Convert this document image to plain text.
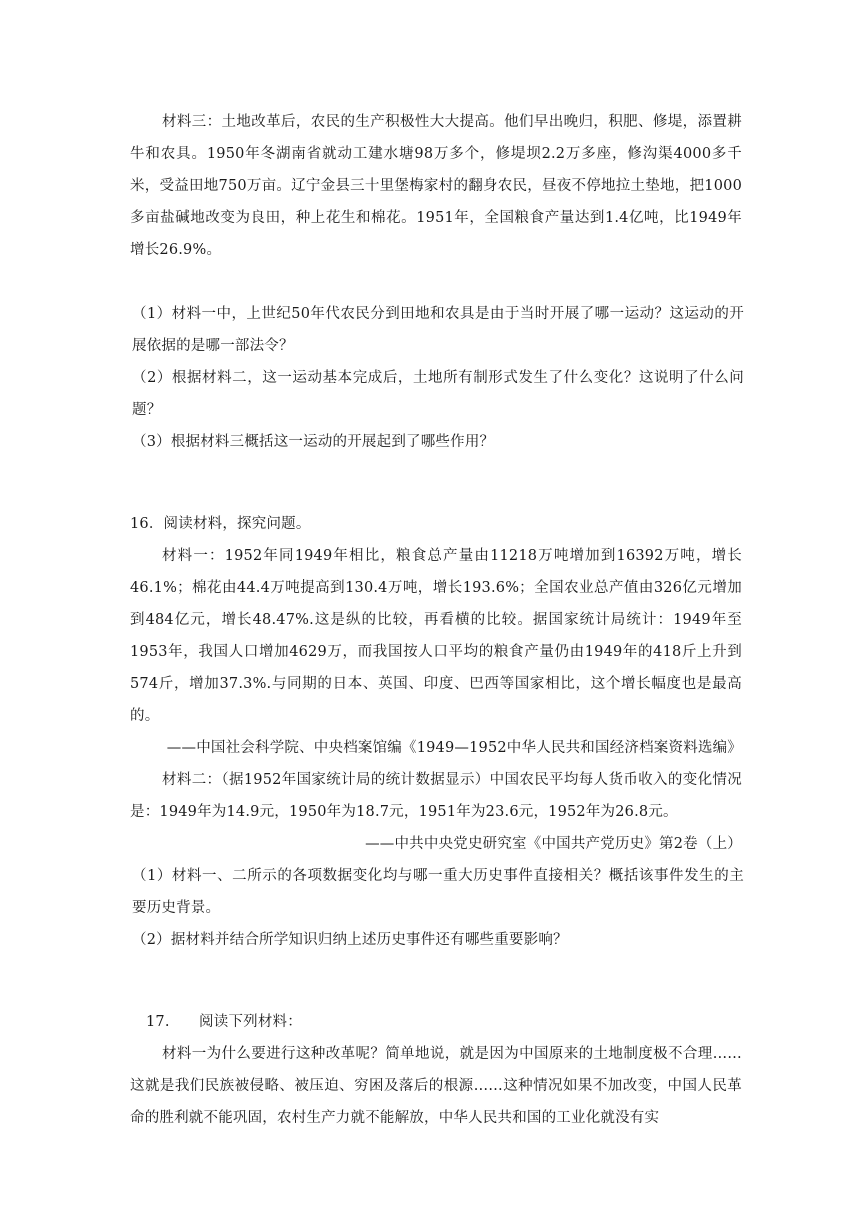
材料三：土地改革后，农民的生产积极性大大提高。他们早出晚归，积肥、修堤，添置耕牛和农具。1950年冬湖南省就动工建水塘98万多个，修堤坝2.2万多座，修沟渠4000多千米，受益田地750万亩。辽宁金县三十里堡梅家村的翻身农民，昼夜不停地拉土垫地，把1000多亩盐碱地改变为良田，种上花生和棉花。1951年，全国粮食产量达到1.4亿吨，比1949年增长26.9%。
（1）材料一中，上世纪50年代农民分到田地和农具是由于当时开展了哪一运动？这运动的开展依据的是哪一部法令？
（2）根据材料二，这一运动基本完成后，土地所有制形式发生了什么变化？这说明了什么问题？
（3）根据材料三概括这一运动的开展起到了哪些作用？
16．阅读材料，探究问题。
材料一：1952年同1949年相比，粮食总产量由11218万吨增加到16392万吨，增长46.1%；棉花由44.4万吨提高到130.4万吨，增长193.6%；全国农业总产值由326亿元增加到484亿元，增长48.47%.这是纵的比较，再看横的比较。据国家统计局统计：1949年至1953年，我国人口增加4629万，而我国按人口平均的粮食产量仍由1949年的418斤上升到574斤，增加37.3%.与同期的日本、英国、印度、巴西等国家相比，这个增长幅度也是最高的。
——中国社会科学院、中央档案馆编《1949—1952中华人民共和国经济档案资料选编》
材料二：（据1952年国家统计局的统计数据显示）中国农民平均每人货币收入的变化情况是：1949年为14.9元，1950年为18.7元，1951年为23.6元，1952年为26.8元。
——中共中央党史研究室《中国共产党历史》第2卷（上）
（1）材料一、二所示的各项数据变化均与哪一重大历史事件直接相关？概括该事件发生的主要历史背景。
（2）据材料并结合所学知识归纳上述历史事件还有哪些重要影响？
17.　　阅读下列材料：
材料一为什么要进行这种改革呢？简单地说，就是因为中国原来的土地制度极不合理……这就是我们民族被侵略、被压迫、穷困及落后的根源……这种情况如果不加改变，中国人民革命的胜利就不能巩固，农村生产力就不能解放，中华人民共和国的工业化就没有实
